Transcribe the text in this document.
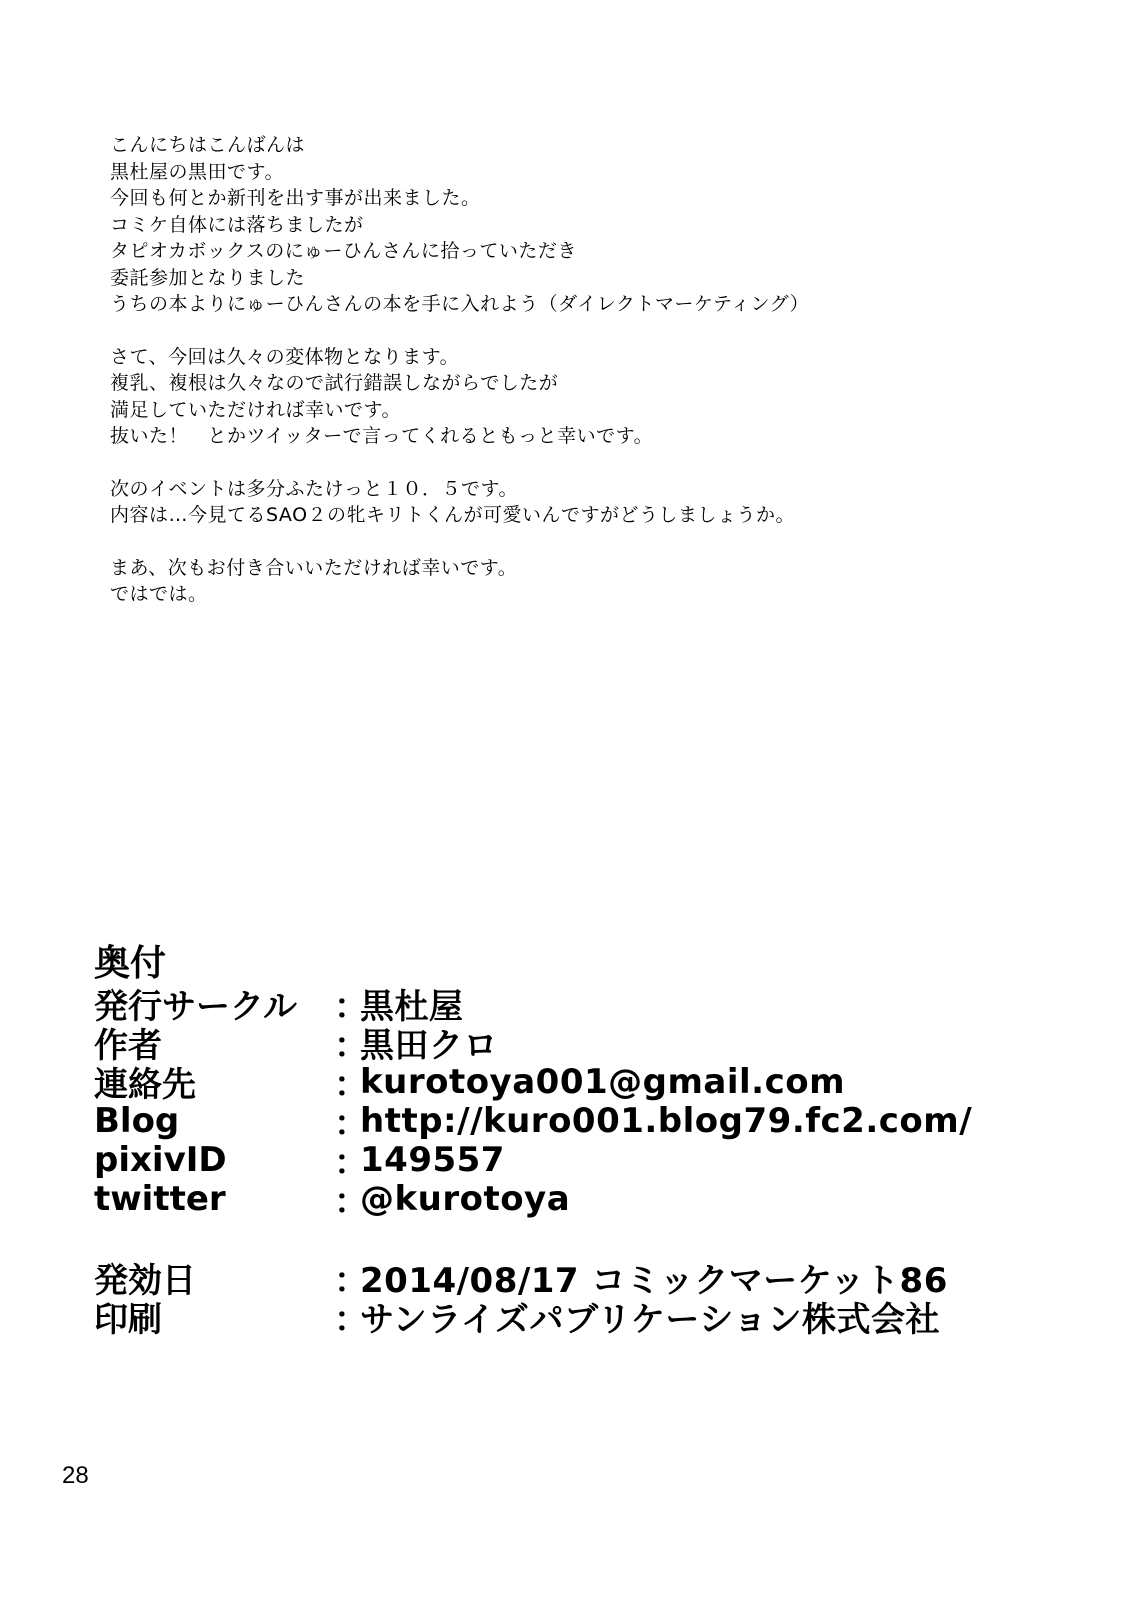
こんにちはこんばんは
黒杜屋の黒田です。
今回も何とか新刊を出す事が出来ました。
コミケ自体には落ちましたが
タピオカボックスのにゅーひんさんに拾っていただき
委託参加となりました
うちの本よりにゅーひんさんの本を手に入れよう（ダイレクトマーケティング）
さて、今回は久々の変体物となります。
複乳、複根は久々なので試行錯誤しながらでしたが
満足していただければ幸いです。
抜いた！　とかツイッターで言ってくれるともっと幸いです。
次のイベントは多分ふたけっと１０．５です。
内容は…今見てるSAO２の牝キリトくんが可愛いんですがどうしましょうか。
まあ、次もお付き合いいただければ幸いです。
ではでは。
奥付
発行サークル	：
黒杜屋
作者	：
黒田クロ
連絡先	：
kurotoya001@gmail.com
Blog	：
http://kuro001.blog79.fc2.com/
pixivID	：
149557
twitter	：
@kurotoya
発効日	：
2014/08/17 コミックマーケット86
印刷	：
サンライズパブリケーション株式会社
28
